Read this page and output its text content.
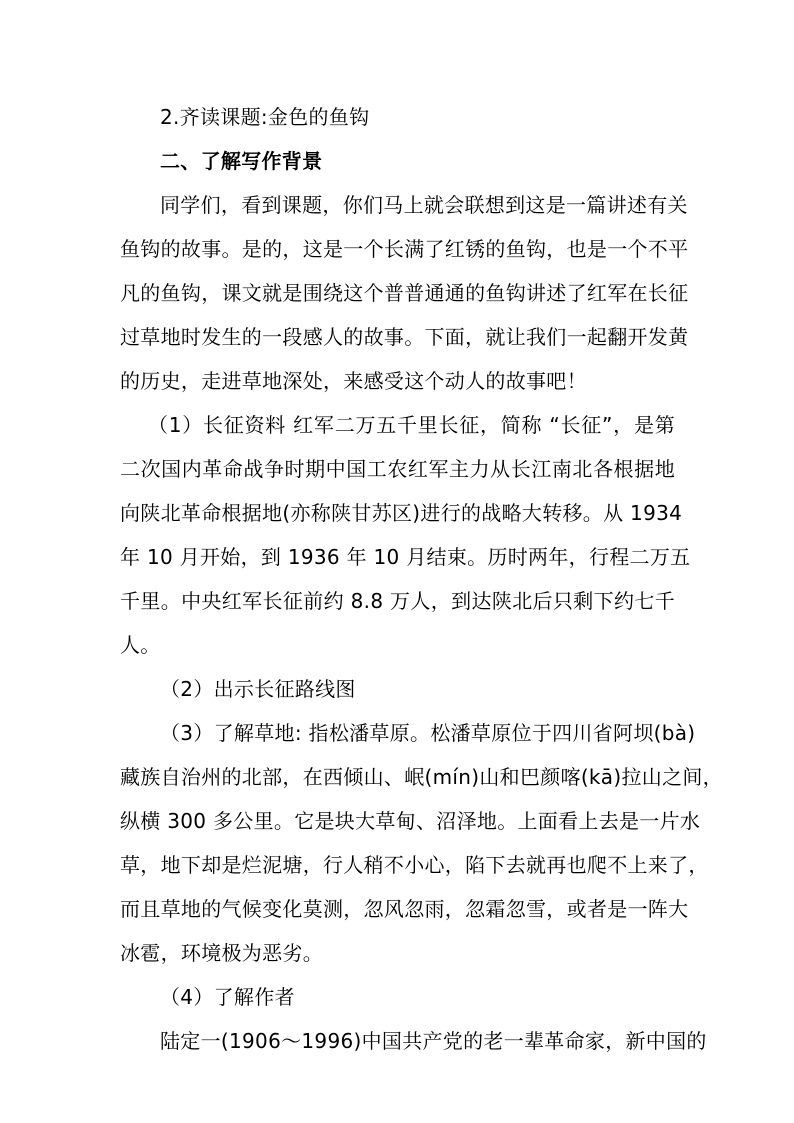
2.齐读课题:金色的鱼钩
二、了解写作背景
同学们，看到课题，你们马上就会联想到这是一篇讲述有关
鱼钩的故事。是的，这是一个长满了红锈的鱼钩，也是一个不平
凡的鱼钩，课文就是围绕这个普普通通的鱼钩讲述了红军在长征
过草地时发生的一段感人的故事。下面，就让我们一起翻开发黄
的历史，走进草地深处，来感受这个动人的故事吧！
（1）长征资料 红军二万五千里长征，简称 “长征”，是第
二次国内革命战争时期中国工农红军主力从长江南北各根据地
向陕北革命根据地(亦称陕甘苏区)进行的战略大转移。从 1934
年 10 月开始，到 1936 年 10 月结束。历时两年，行程二万五
千里。中央红军长征前约 8.8 万人，到达陕北后只剩下约七千
人。
（2）出示长征路线图
（3）了解草地: 指松潘草原。松潘草原位于四川省阿坝(bà)
藏族自治州的北部，在西倾山、岷(mín)山和巴颜喀(kā)拉山之间，
纵横 300 多公里。它是块大草甸、沼泽地。上面看上去是一片水
草，地下却是烂泥塘，行人稍不小心，陷下去就再也爬不上来了，
而且草地的气候变化莫测，忽风忽雨，忽霜忽雪，或者是一阵大
冰雹，环境极为恶劣。
（4）了解作者
陆定一(1906～1996)中国共产党的老一辈革命家，新中国的
